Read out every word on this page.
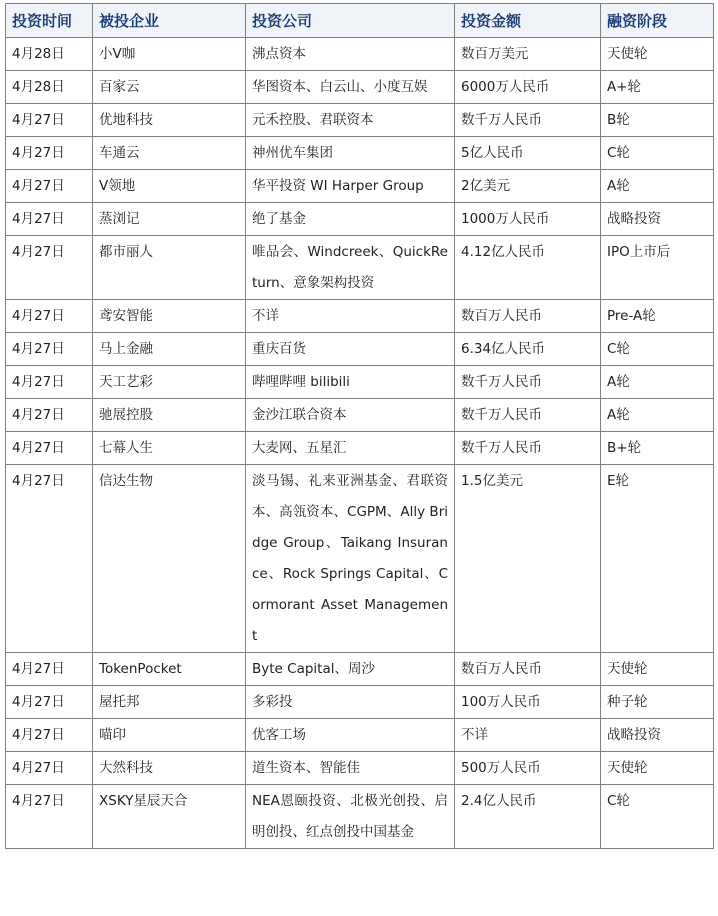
投资时间	被投企业	投资公司	投资金额	融资阶段
4月28日	小V咖	沸点资本	数百万美元	天使轮
4月28日	百家云	华图资本、白云山、小度互娱	6000万人民币	A+轮
4月27日	优地科技	元禾控股、君联资本	数千万人民币	B轮
4月27日	车通云	神州优车集团	5亿人民币	C轮
4月27日	V领地	华平投资 WI Harper Group	2亿美元	A轮
4月27日	蒸浏记	绝了基金	1000万人民币	战略投资
4月27日	都市丽人	唯品会、Windcreek、QuickReturn、意象架构投资	4.12亿人民币	IPO上市后
4月27日	鸢安智能	不详	数百万人民币	Pre-A轮
4月27日	马上金融	重庆百货	6.34亿人民币	C轮
4月27日	天工艺彩	哔哩哔哩 bilibili	数千万人民币	A轮
4月27日	驰展控股	金沙江联合资本	数千万人民币	A轮
4月27日	七幕人生	大麦网、五星汇	数千万人民币	B+轮
4月27日	信达生物	淡马锡、礼来亚洲基金、君联资本、高瓴资本、CGPM、Ally Bridge Group、Taikang Insurance、Rock Springs Capital、Cormorant Asset Management	1.5亿美元	E轮
4月27日	TokenPocket	Byte Capital、周沙	数百万人民币	天使轮
4月27日	屋托邦	多彩投	100万人民币	种子轮
4月27日	喵印	优客工场	不详	战略投资
4月27日	大然科技	道生资本、智能佳	500万人民币	天使轮
4月27日	XSKY星辰天合	NEA恩颐投资、北极光创投、启明创投、红点创投中国基金	2.4亿人民币	C轮
